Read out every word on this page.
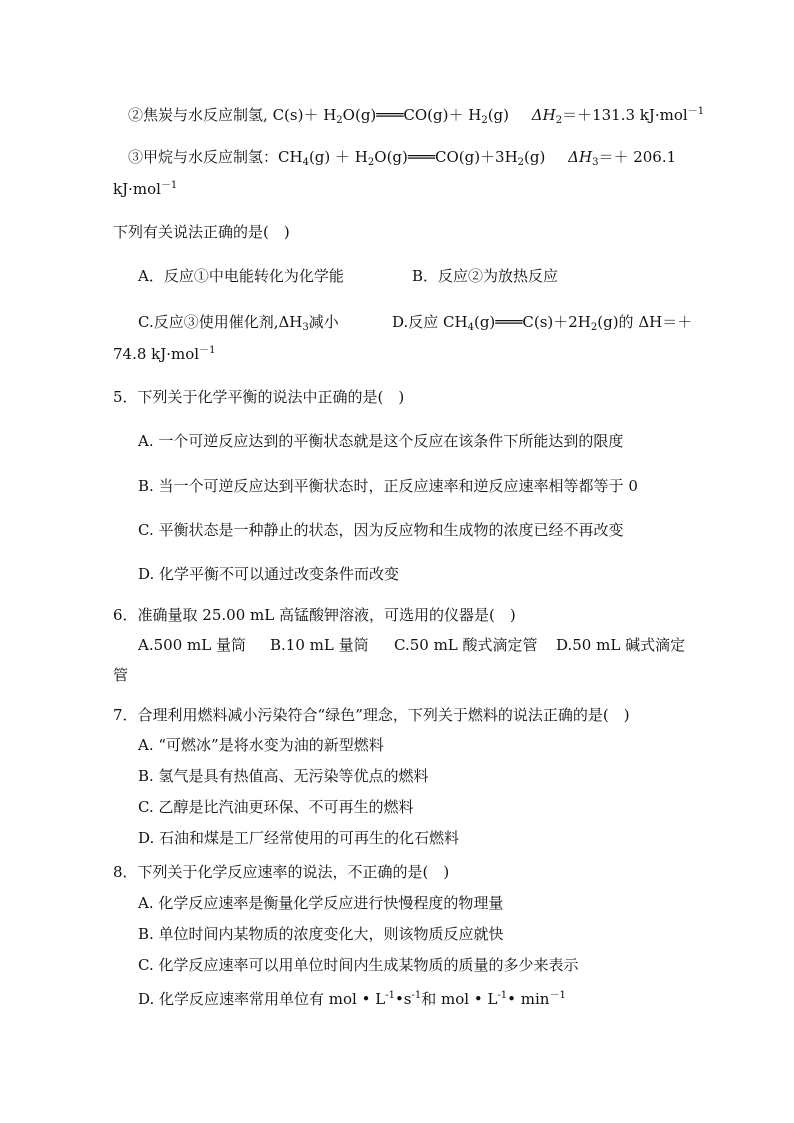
②焦炭与水反应制氢, $C(s)+ H_2O(g)═══CO(g)+ H_2(g)$ $\Delta H_2=+131.3$ kJ·mol$^{-1}$
③甲烷与水反应制氢：$CH_4(g)$ ＋ $H_2O(g)═══CO(g)+3H_2(g)$ $\Delta H_3=+ 206.1$
kJ·mol$^{-1}$
下列有关说法正确的是(　)
A．反应①中电能转化为化学能	B．反应②为放热反应
C.反应③使用催化剂$,\Delta H_3$减小	D.反应 $CH_4(g)═══C(s)+2H_2(g)$的 ΔH＝＋
74.8 kJ·mol$^{-1}$
5．下列关于化学平衡的说法中正确的是(　)
A. 一个可逆反应达到的平衡状态就是这个反应在该条件下所能达到的限度
B. 当一个可逆反应达到平衡状态时，正反应速率和逆反应速率相等都等于 0
C. 平衡状态是一种静止的状态，因为反应物和生成物的浓度已经不再改变
D. 化学平衡不可以通过改变条件而改变
6．准确量取 25.00 mL 高锰酸钾溶液，可选用的仪器是(　)
A.500 mL 量筒 B.10 mL 量筒 C.50 mL 酸式滴定管 D.50 mL 碱式滴定
管
7．合理利用燃料减小污染符合“绿色”理念，下列关于燃料的说法正确的是(　)
A. “可燃冰”是将水变为油的新型燃料
B. 氢气是具有热值高、无污染等优点的燃料
C. 乙醇是比汽油更环保、不可再生的燃料
D. 石油和煤是工厂经常使用的可再生的化石燃料
8．下列关于化学反应速率的说法，不正确的是(　)
A. 化学反应速率是衡量化学反应进行快慢程度的物理量
B. 单位时间内某物质的浓度变化大，则该物质反应就快
C. 化学反应速率可以用单位时间内生成某物质的质量的多少来表示
D. 化学反应速率常用单位有 mol • $L^{-1}•s^{-1}$和 mol • $L^{-1}•$ $\min^{-1}$
